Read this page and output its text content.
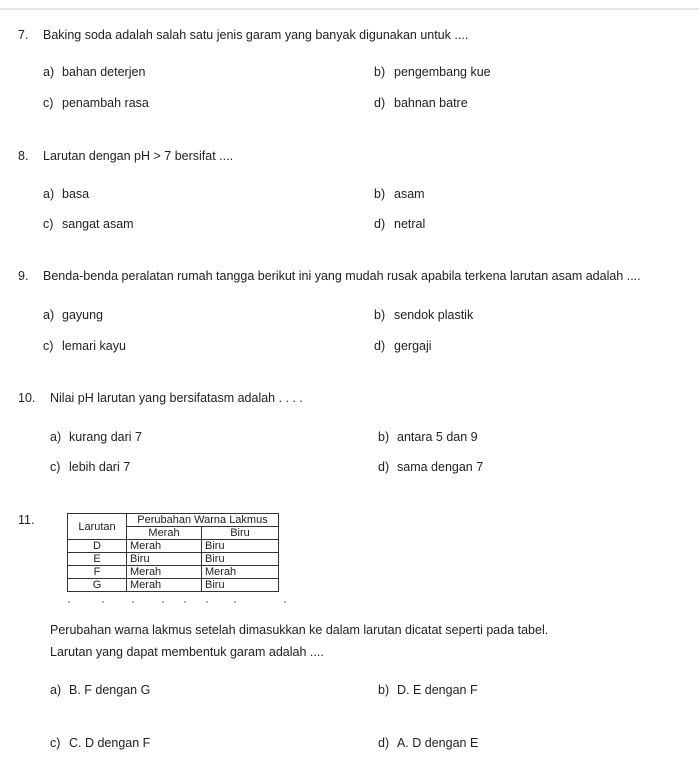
7. Baking soda adalah salah satu jenis garam yang banyak digunakan untuk ....
a) bahan deterjen	b) pengembang kue
c) penambah rasa	d) bahnan batre
8. Larutan dengan pH > 7 bersifat ....
a) basa	b) asam
c) sangat asam	d) netral
9. Benda-benda peralatan rumah tangga berikut ini yang mudah rusak apabila terkena larutan asam adalah ....
a) gayung	b) sendok plastik
c) lemari kayu	d) gergaji
10. Nilai pH larutan yang bersifatasm adalah . . . .
a) kurang dari 7	b) antara 5 dan 9
c) lebih dari 7	d) sama dengan 7
11.	Larutan	Perubahan Warna Lakmus	
	Merah	Biru
D	Merah	Biru
E	Biru	Biru
F	Merah	Merah
G	Merah	Biru
Perubahan warna lakmus setelah dimasukkan ke dalam larutan dicatat seperti pada tabel.
Larutan yang dapat membentuk garam adalah ....
a) B. F dengan G	b) D. E dengan F
c) C. D dengan F	d) A. D dengan E
